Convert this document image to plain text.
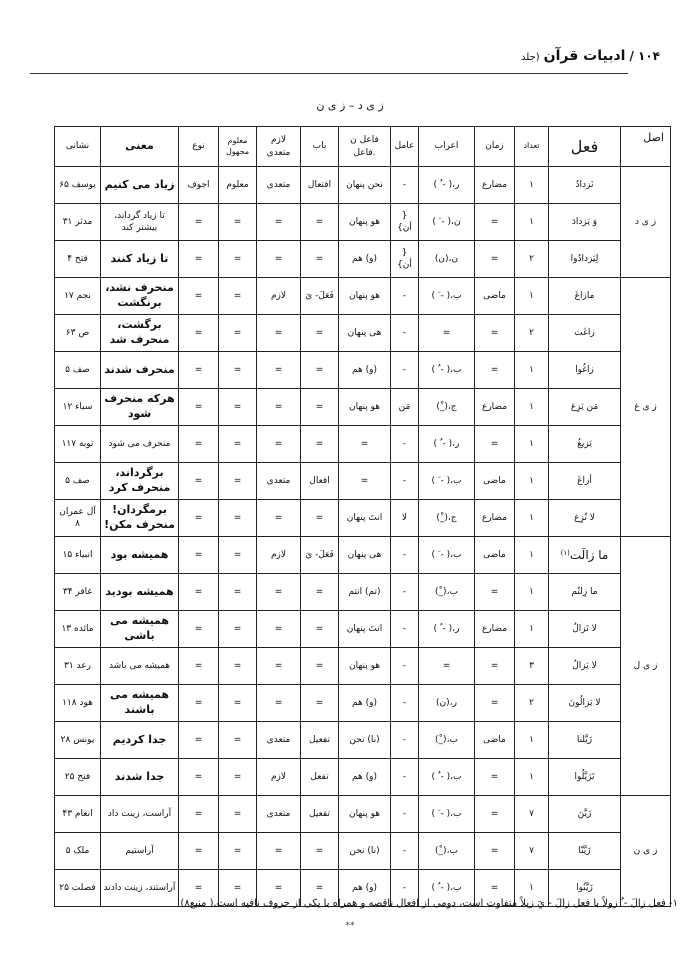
۱۰۴ /
ادبیات قرآن
(جلد
ز ی د – ز ی ن
اصل	فعل	تعداد	زمان	اعراب	عامل	فاعل ن .فاعل	باب	لازم متعدی	معلوم مجهول	نوع	معنی	نشانی
ز ی د	نَزدادُ	۱	مضارع	ر،( - ُ )	-	نحن پنهان	افتعال	متعدی	معلوم	اجوف	زیاد می کنیم	یوسف ۶۵
	وَ یَزدادَ	۱	=	ن،( - َ )	{ أن}	هو پنهان	=	=	=	=	تا زیاد گرداند، بیشتر کند	مدثر ۳۱
	لِیَزدادُوا	۲	=	ن،(ن)	{ أن}	(و) هم	=	=	=	=	تا زیاد کنند	فتح ۴
ز ی غ	مازاغَ	۱	ماضی	ب،( - َ )	-	هو پنهان	فَعَلَ- يَ	لازم	=	=	منحرف نشد، برنگشت	نجم ۱۷
	زاغَت	۲	=	=	-	هی پنهان	=	=	=	=	برگشت، منحرف شد	ص ۶۳
	زاغُوا	۱	=	ب،( - ُ )	-	(و) هم	=	=	=	=	منحرف شدند	صف ۵
	مَن یَزِغ	۱	مضارع	ج،(_ْ)	مَن	هو پنهان	=	=	=	=	هرکه منحرف شود	سباء ۱۲
	یَزیغُ	۱	=	ر،( - ُ )	-	=	=	=	=	=	منحرف می شود	توبه ۱۱۷
	أزاغَ	۱	ماضی	ب،( - َ )	-	=	افعال	متعدی	=	=	برگرداند، منحرف کرد	صف ۵
	لا تُزِغ	۱	مضارع	ج،(_ْ)	لا	انتَ پنهان	=	=	=	=	برمگردان! منحرف مکن!	آل عمران ۸
ز ی ل	ما زالَت$^{(۱)}$	۱	ماضی	ب،( - َ )	-	هی پنهان	فَعَلَ- يَ	لازم	=	=	همیشه بود	انبیاء ۱۵
	ما زِلتُم	۱	=	ب،(_ْ)	-	(تم) انتم	=	=	=	=	همیشه بودید	غافر ۳۴
	لا تَزالُ	۱	مضارع	ر،( - ُ )	-	انتَ پنهان	=	=	=	=	همیشه می باشی	مائده ۱۳
	لا یَزالُ	۳	=	=	-	هو پنهان	=	=	=	=	همیشه می باشد	رعد ۳۱
	لا یَزالُونَ	۲	=	ر،(ن)	-	(و) هم	=	=	=	=	همیشه می باشند	هود ۱۱۸
	زَیَّلنا	۱	ماضی	ب،(_ْ)	-	(نا) نحن	تفعیل	متعدی	=	=	جدا کردیم	یونس ۲۸
	تَزَیَّلُوا	۱	=	ب،( - ُ )	-	(و) هم	تفعل	لازم	=	=	جدا شدند	فتح ۲۵
ز ی ن	زَیَّنَ	۷	=	ب،( - َ )	-	هو پنهان	تفعیل	متعدی	=	=	آراست، زینت داد	انعام ۴۳
	زَیَّنّا	۷	=	ب،(_ْ)	-	(نا) نحن	=	=	=	=	آراستیم	ملک ۵
	زَیَّنُوا	۱	=	ب،( - ُ )	-	(و) هم	=	=	=	=	آراستند، زینت دادند	فصلت ۲۵
۱- فعل زالَ - ُ زولاً با فعل زالَ - يَ زيلاً متفاوت است، دومی از افعال ناقصه و همراه با یکی از حروف نافیه است.( منبع۸)
**
